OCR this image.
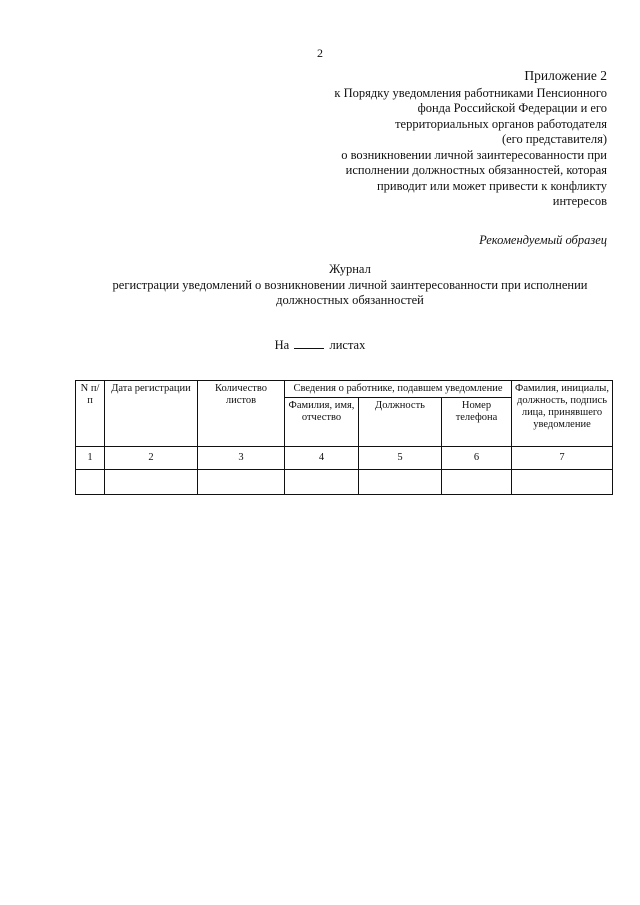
2
Приложение 2
к Порядку уведомления работниками Пенсионного
фонда Российской Федерации и его
территориальных органов работодателя
(его представителя)
о возникновении личной заинтересованности при
исполнении должностных обязанностей, которая
приводит или может привести к конфликту
интересов
Рекомендуемый образец
Журнал
регистрации уведомлений о возникновении личной заинтересованности при исполнении
должностных обязанностей
На	листах
N п/п	Дата регистрации	Количество листов	Сведения о работнике, подавшем уведомление			Фамилия, инициалы, должность, подпись лица, принявшего уведомление
			Фамилия, имя, отчество	Должность	Номер телефона	
1	2	3	4	5	6	7
